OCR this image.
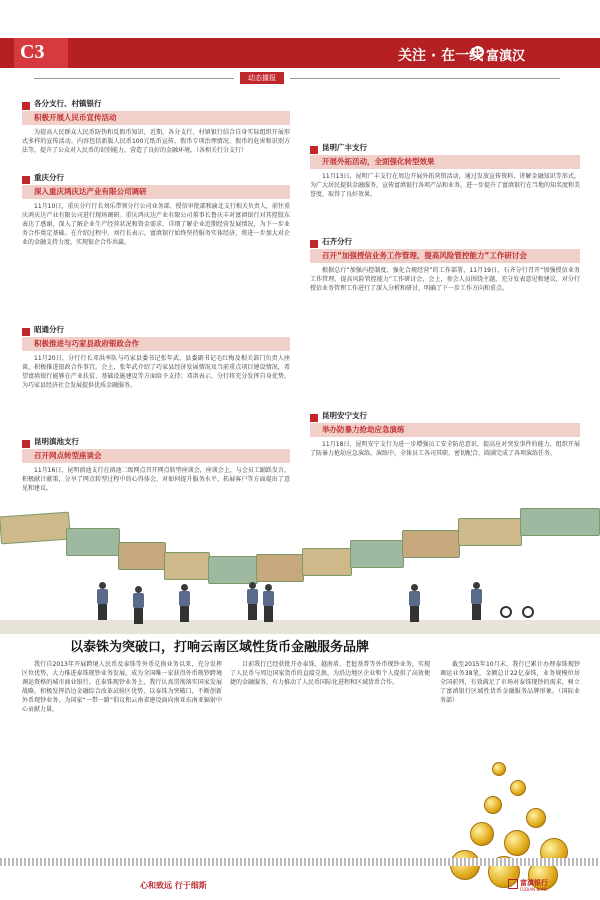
C3	关注 · 在一线 富滇汉
动态播报
各分支行、村镇银行
积极开展人民币宣传活动

为提高人民群众人民币防伪和反假币知识，近期，各分支行、村镇银行结合自身实际组织开展形式多样的宣传活动。内容包括新版人民币100元纸币宣传、假币专项治理情况、假币的危害和识别方法等，提升了公众对人民币的识别能力，营造了良好的金融环境。（各相关行分支行）

重庆分行
深入重庆鸿庆达产业有限公司调研

11月10日，重庆分行行长刘乐带领分行公司业务部、授信审批部和渝北支行相关负责人，前往重庆鸿庆达产业有限公司进行现场调研。重庆鸿庆达产业有限公司董事长鲁庆丰对富滇银行对其控股东表达了感谢，深入了解企业生产经营状况和资金需求，详细了解企业近期经营发展情况，为下一步业务合作奠定基础。在介绍过程中，刘行长表示，富滇银行始终坚持服务实体经济，将进一步加大对企业的金融支持力度，实现银企合作共赢。

昭通分行
积极推进与巧家县政府银政合作

11月20日，分行行长邓洪率队与巧家县委书记张年武、县委副书记毛红梅及相关部门负责人座谈，积极推进银政合作事宜。会上，张年武介绍了巧家县经济发展情况及当前重点项目建设情况，希望富滇银行能够在产业扶贫、基础设施建设等方面给予支持；邓洪表示，分行将充分发挥自身优势，为巧家县经济社会发展提供优质金融服务。

昆明滇池支行
召开网点转型座谈会

11月16日，昆明滇池支行在滇池二级网点召开网点转型座谈会，座谈会上，与会员工踊跃发言，积极献计献策，分享了网点转型过程中的心得体会，对如何提升服务水平、拓展客户等方面提出了意见和建议。

昆明广丰支行
开展外拓活动，全面强化转型效果

11月13日，昆明广丰支行在周边开展外拓营销活动，通过发放宣传资料、讲解金融知识等形式，为广大居民提供金融服务，宣传富滇银行各项产品和业务，进一步提升了富滇银行在当地的知名度和美誉度，取得了良好效果。

石齐分行
召开“加强授信业务工作管理、提高风险管控能力”工作研讨会

根据总行“加强内控制度、强化合规经营”的工作部署，11月19日，石齐分行召开“加强授信业务工作管理、提高风险管控能力”工作研讨会，会上，参会人员围绕主题，充分发表意见和建议，对分行授信业务管理工作进行了深入分析和研讨，明确了下一步工作方向和重点。

昆明安宁支行
举办防暴力抢劫应急演练

11月18日，昆明安宁支行为进一步增强员工安全防范意识，提高应对突发事件的能力，组织开展了防暴力抢劫应急演练。演练中，全体员工各司其职、密切配合，圆满完成了各项演练任务。

以泰铢为突破口，打响云南区域性货币金融服务品牌

我行自2013年开展跨境人民币及泰铢等外币兑换业务以来，充分发挥区位优势，大力推进泰铢现钞业务发展，成为全国唯一家获得外币现钞跨境调运资格的城市商业银行。在泰铢现钞业务上，我行认真贯彻落实国家发展战略，积极发挥沿边金融综合改革试验区优势，以泰铢为突破口，不断创新外币现钞业务，为国家“一带一路”倡议和云南省建设面向南亚东南亚辐射中心贡献力量。

目前我行已经获批开办泰铢、越南盾、老挝基普等外币现钞业务，实现了人民币与周边国家货币的直接兑换，为沿边地区企业和个人提供了高效便捷的金融服务，有力推动了人民币国际化进程和区域货币合作。

截至2015年10月末，我行已累计办理泰铢现钞调运业务38笔，金额总计22亿泰铢，业务规模位居全国前列，有效满足了市场对泰铢现钞的需求，树立了富滇银行区域性货币金融服务品牌形象。（国际业务部）

心和致远 行于细斯	富滇银行
FUDIAN BANK
